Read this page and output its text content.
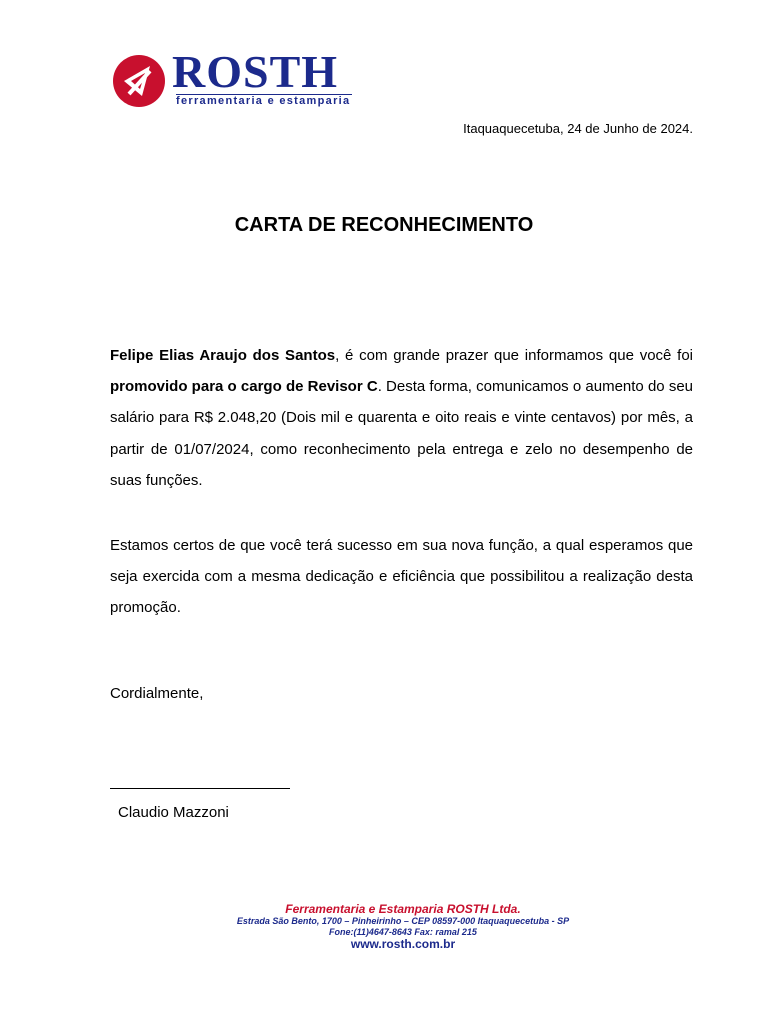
ROSTH
ferramentaria e estamparia
Itaquaquecetuba, 24 de Junho de 2024.
CARTA DE RECONHECIMENTO

Felipe Elias Araujo dos Santos, é com grande prazer que informamos que você foi promovido para o cargo de Revisor C. Desta forma, comunicamos o aumento do seu salário para R$ 2.048,20 (Dois mil e quarenta e oito reais e vinte centavos) por mês, a partir de 01/07/2024, como reconhecimento pela entrega e zelo no desempenho de suas funções.

Estamos certos de que você terá sucesso em sua nova função, a qual esperamos que seja exercida com a mesma dedicação e eficiência que possibilitou a realização desta promoção.

Cordialmente,
Claudio Mazzoni
Ferramentaria e Estamparia ROSTH Ltda.
Estrada São Bento, 1700 – Pinheirinho – CEP 08597-000 Itaquaquecetuba - SP
Fone:(11)4647-8643 Fax: ramal 215
www.rosth.com.br
